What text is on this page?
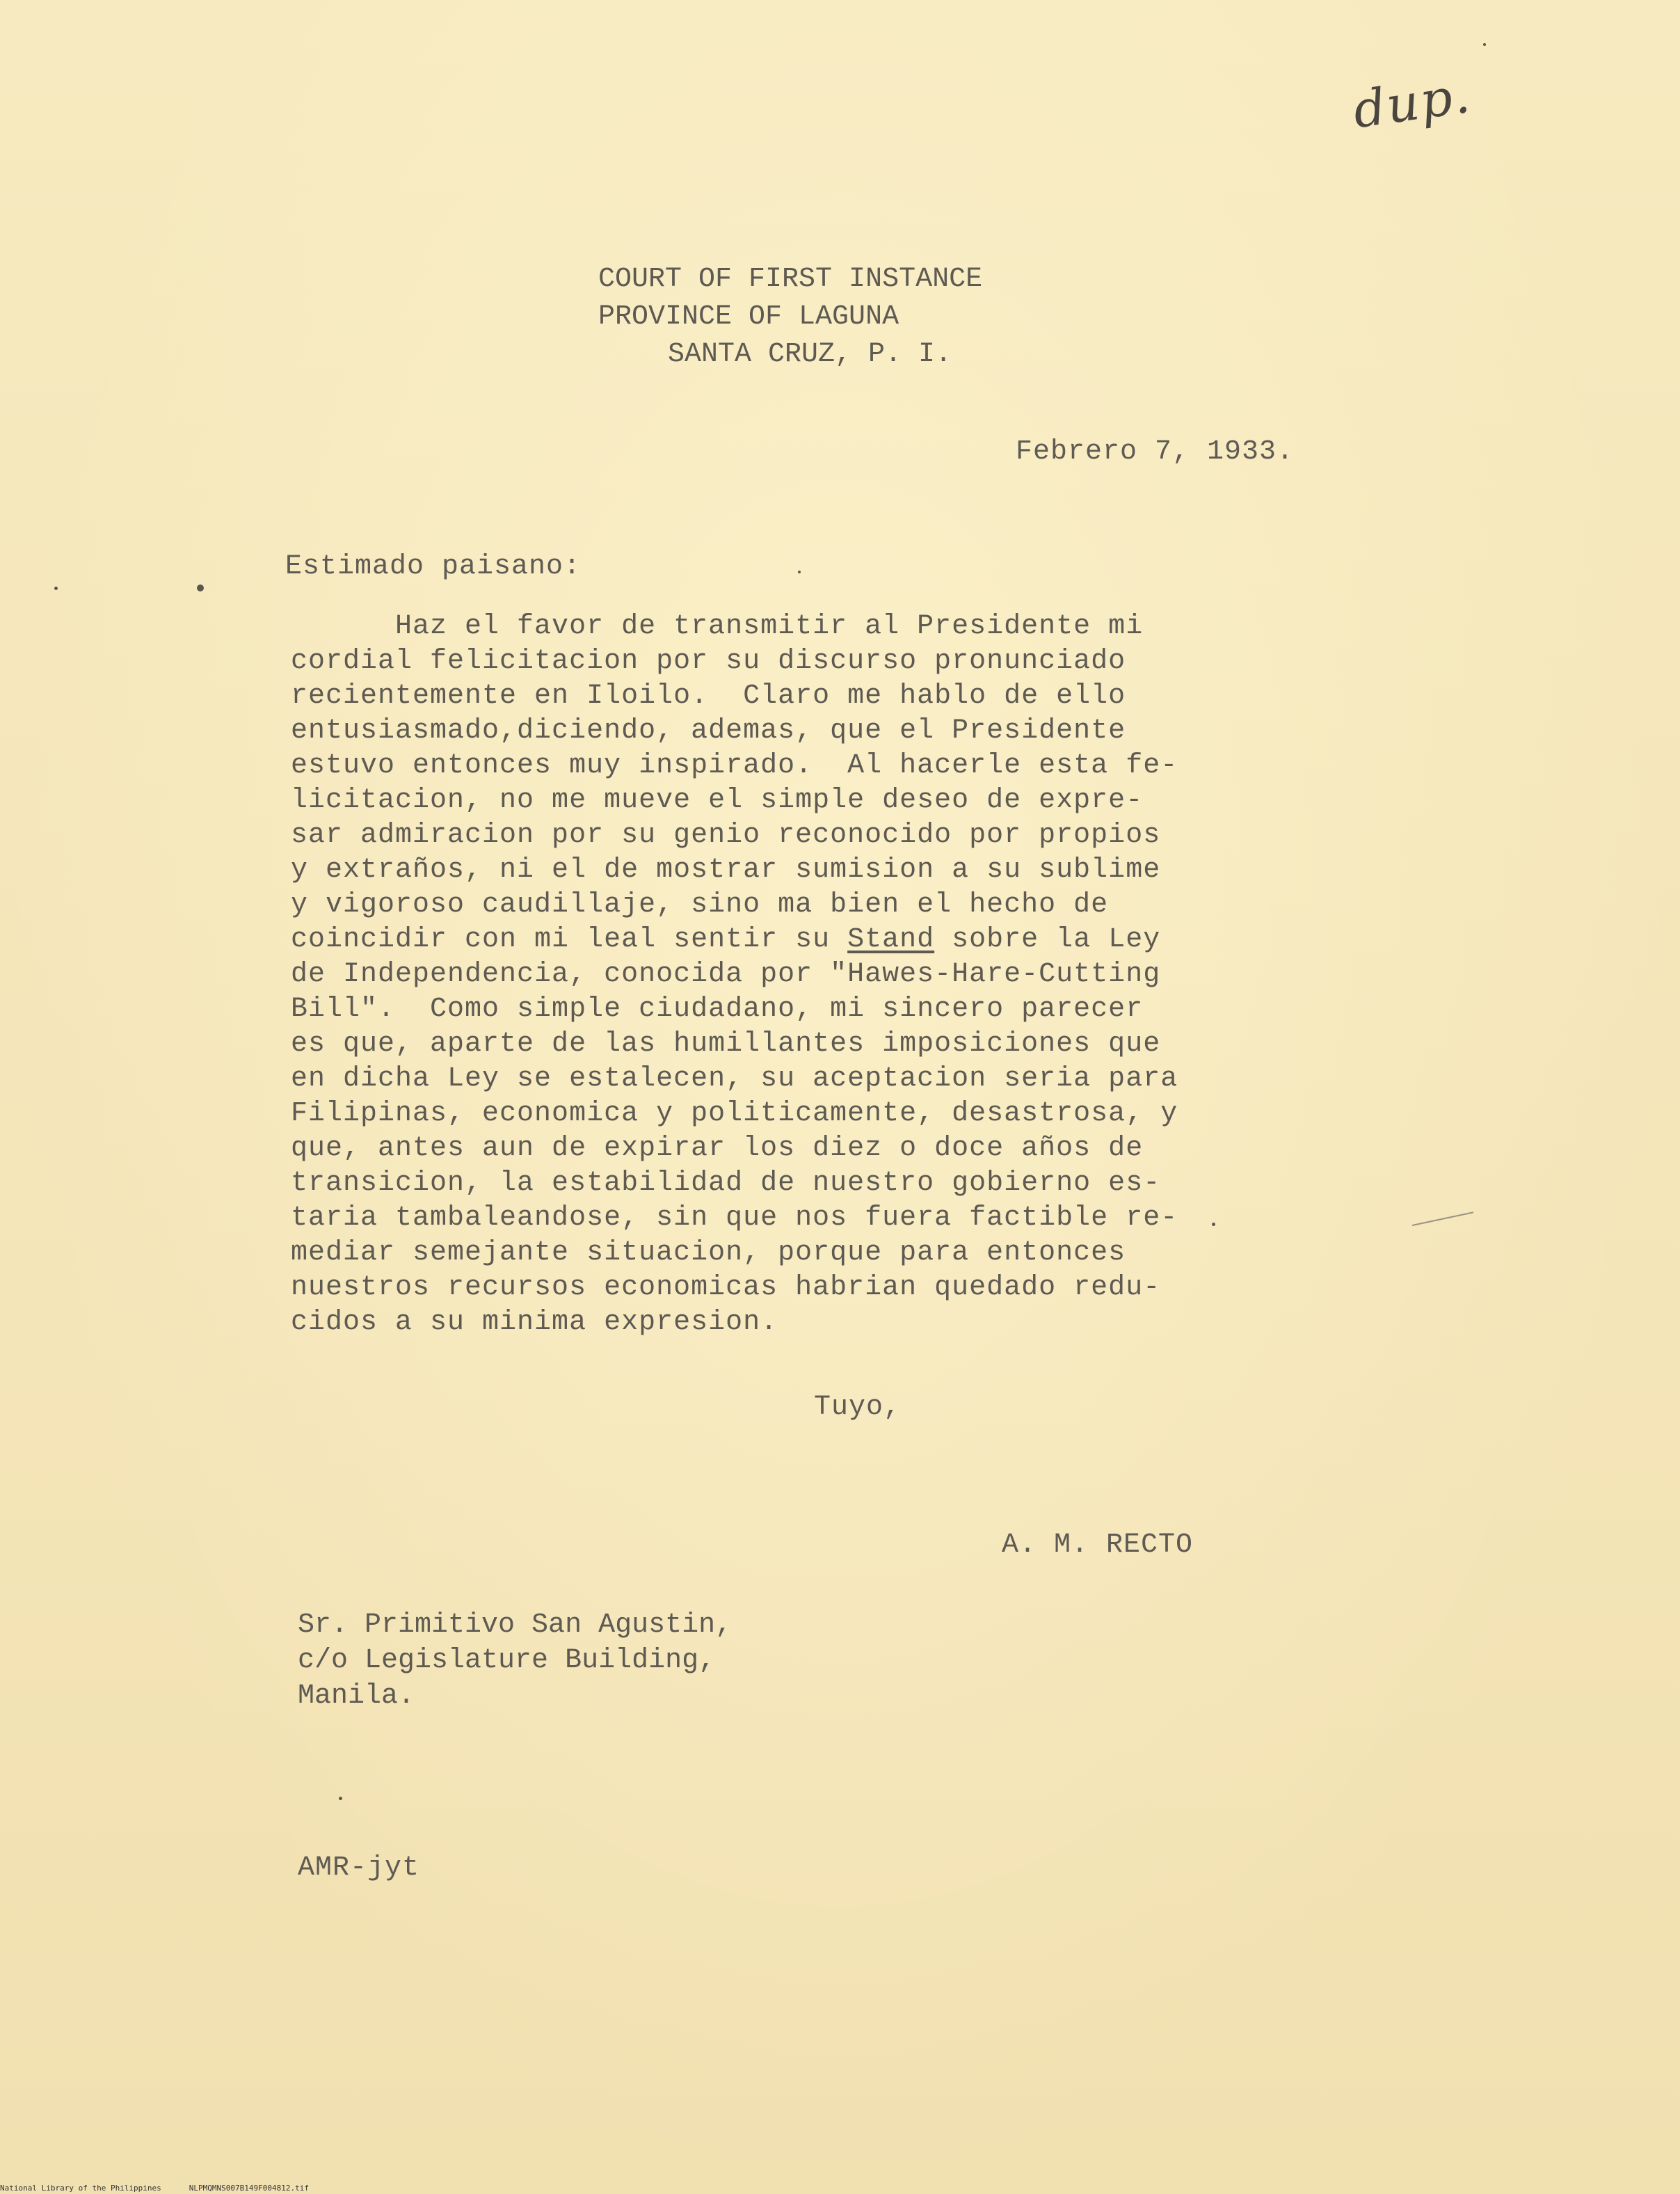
dup.
COURT OF FIRST INSTANCE
PROVINCE OF LAGUNA
SANTA CRUZ, P. I.
Febrero 7, 1933.
Estimado paisano:
Haz el favor de transmitir al Presidente mi
cordial felicitacion por su discurso pronunciado
recientemente en Iloilo.  Claro me hablo de ello
entusiasmado,diciendo, ademas, que el Presidente
estuvo entonces muy inspirado.  Al hacerle esta fe-
licitacion, no me mueve el simple deseo de expre-
sar admiracion por su genio reconocido por propios
y extraños, ni el de mostrar sumision a su sublime
y vigoroso caudillaje, sino ma bien el hecho de
coincidir con mi leal sentir su Stand sobre la Ley
de Independencia, conocida por "Hawes-Hare-Cutting
Bill".  Como simple ciudadano, mi sincero parecer
es que, aparte de las humillantes imposiciones que
en dicha Ley se estalecen, su aceptacion seria para
Filipinas, economica y politicamente, desastrosa, y
que, antes aun de expirar los diez o doce años de
transicion, la estabilidad de nuestro gobierno es-
taria tambaleandose, sin que nos fuera factible re-
mediar semejante situacion, porque para entonces
nuestros recursos economicas habrian quedado redu-
cidos a su minima expresion.
Tuyo,
A. M. RECTO
Sr. Primitivo San Agustin,
c/o Legislature Building,
Manila.
AMR-jyt
National Library of the Philippines	NLPMQMNS007B149F004812.tif
